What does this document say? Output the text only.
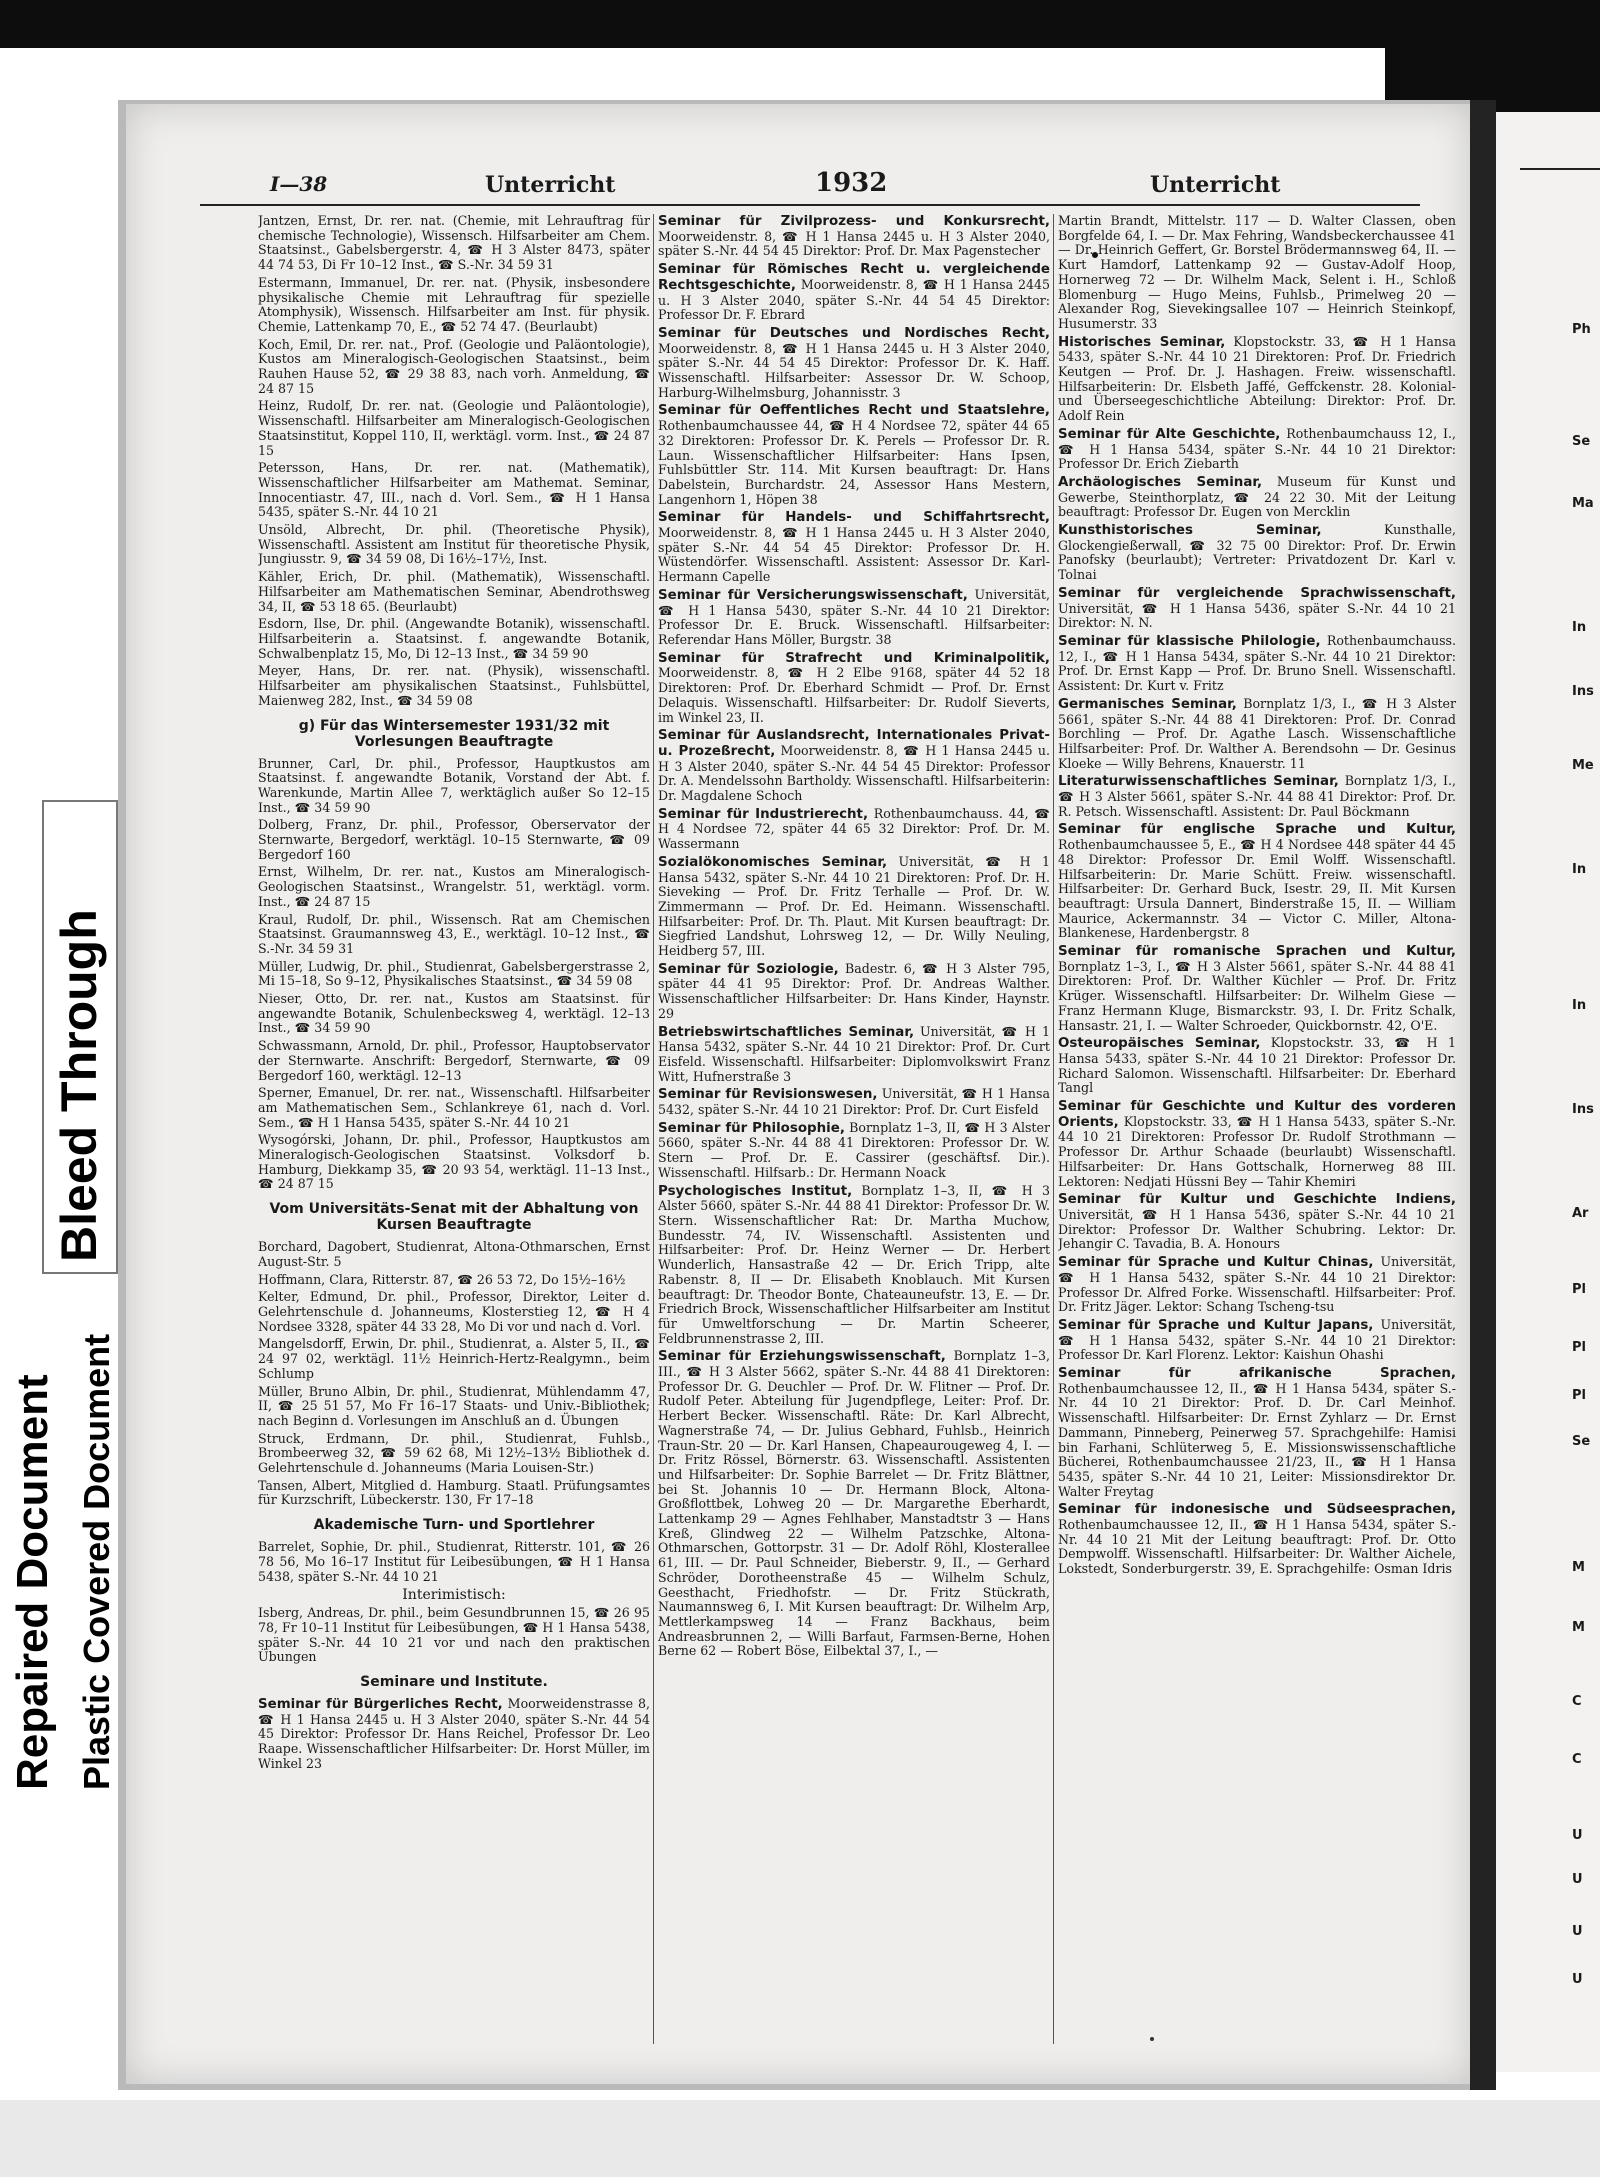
Ph
Se
Ma
In
Ins
Me
In
In
Ins
Ar
Pl
Pl
Pl
Se
M
M
C
C
U
U
U
U
Repaired Document Plastic Covered Document
Bleed Through
I—38	Unterricht	1932	Unterricht
Jantzen, Ernst, Dr. rer. nat. (Chemie, mit Lehrauftrag für chemische Technologie), Wissensch. Hilfsarbeiter am Chem. Staatsinst., Gabelsbergerstr. 4, ☎ H 3 Alster 8473, später 44 74 53, Di Fr 10–12 Inst., ☎ S.-Nr. 34 59 31
Estermann, Immanuel, Dr. rer. nat. (Physik, insbesondere physikalische Chemie mit Lehrauftrag für spezielle Atomphysik), Wissensch. Hilfsarbeiter am Inst. für physik. Chemie, Lattenkamp 70, E., ☎ 52 74 47. (Beurlaubt)
Koch, Emil, Dr. rer. nat., Prof. (Geologie und Paläontologie), Kustos am Mineralogisch-Geologischen Staatsinst., beim Rauhen Hause 52, ☎ 29 38 83, nach vorh. Anmeldung, ☎ 24 87 15
Heinz, Rudolf, Dr. rer. nat. (Geologie und Paläontologie), Wissenschaftl. Hilfsarbeiter am Mineralogisch-Geologischen Staatsinstitut, Koppel 110, II, werktägl. vorm. Inst., ☎ 24 87 15
Petersson, Hans, Dr. rer. nat. (Mathematik), Wissenschaftlicher Hilfsarbeiter am Mathemat. Seminar, Innocentiastr. 47, III., nach d. Vorl. Sem., ☎ H 1 Hansa 5435, später S.-Nr. 44 10 21
Unsöld, Albrecht, Dr. phil. (Theoretische Physik), Wissenschaftl. Assistent am Institut für theoretische Physik, Jungiusstr. 9, ☎ 34 59 08, Di 16½–17½, Inst.
Kähler, Erich, Dr. phil. (Mathematik), Wissenschaftl. Hilfsarbeiter am Mathematischen Seminar, Abendrothsweg 34, II, ☎ 53 18 65. (Beurlaubt)
Esdorn, Ilse, Dr. phil. (Angewandte Botanik), wissenschaftl. Hilfsarbeiterin a. Staatsinst. f. angewandte Botanik, Schwalbenplatz 15, Mo, Di 12–13 Inst., ☎ 34 59 90
Meyer, Hans, Dr. rer. nat. (Physik), wissenschaftl. Hilfsarbeiter am physikalischen Staatsinst., Fuhlsbüttel, Maienweg 282, Inst., ☎ 34 59 08
g) Für das Wintersemester 1931/32 mit Vorlesungen Beauftragte
Brunner, Carl, Dr. phil., Professor, Hauptkustos am Staatsinst. f. angewandte Botanik, Vorstand der Abt. f. Warenkunde, Martin Allee 7, werktäglich außer So 12–15 Inst., ☎ 34 59 90
Dolberg, Franz, Dr. phil., Professor, Oberservator der Sternwarte, Bergedorf, werktägl. 10–15 Sternwarte, ☎ 09 Bergedorf 160
Ernst, Wilhelm, Dr. rer. nat., Kustos am Mineralogisch-Geologischen Staatsinst., Wrangelstr. 51, werktägl. vorm. Inst., ☎ 24 87 15
Kraul, Rudolf, Dr. phil., Wissensch. Rat am Chemischen Staatsinst. Graumannsweg 43, E., werktägl. 10–12 Inst., ☎ S.-Nr. 34 59 31
Müller, Ludwig, Dr. phil., Studienrat, Gabelsbergerstrasse 2, Mi 15–18, So 9–12, Physikalisches Staatsinst., ☎ 34 59 08
Nieser, Otto, Dr. rer. nat., Kustos am Staatsinst. für angewandte Botanik, Schulenbecksweg 4, werktägl. 12–13 Inst., ☎ 34 59 90
Schwassmann, Arnold, Dr. phil., Professor, Hauptobservator der Sternwarte. Anschrift: Bergedorf, Sternwarte, ☎ 09 Bergedorf 160, werktägl. 12–13
Sperner, Emanuel, Dr. rer. nat., Wissenschaftl. Hilfsarbeiter am Mathematischen Sem., Schlankreye 61, nach d. Vorl. Sem., ☎ H 1 Hansa 5435, später S.-Nr. 44 10 21
Wysogórski, Johann, Dr. phil., Professor, Hauptkustos am Mineralogisch-Geologischen Staatsinst. Volksdorf b. Hamburg, Diekkamp 35, ☎ 20 93 54, werktägl. 11–13 Inst., ☎ 24 87 15
Vom Universitäts-Senat mit der Abhaltung von Kursen Beauftragte
Borchard, Dagobert, Studienrat, Altona-Othmarschen, Ernst August-Str. 5
Hoffmann, Clara, Ritterstr. 87, ☎ 26 53 72, Do 15½–16½
Kelter, Edmund, Dr. phil., Professor, Direktor, Leiter d. Gelehrtenschule d. Johanneums, Klosterstieg 12, ☎ H 4 Nordsee 3328, später 44 33 28, Mo Di vor und nach d. Vorl.
Mangelsdorff, Erwin, Dr. phil., Studienrat, a. Alster 5, II., ☎ 24 97 02, werktägl. 11½ Heinrich-Hertz-Realgymn., beim Schlump
Müller, Bruno Albin, Dr. phil., Studienrat, Mühlendamm 47, II, ☎ 25 51 57, Mo Fr 16–17 Staats- und Univ.-Bibliothek; nach Beginn d. Vorlesungen im Anschluß an d. Übungen
Struck, Erdmann, Dr. phil., Studienrat, Fuhlsb., Brombeerweg 32, ☎ 59 62 68, Mi 12½–13½ Bibliothek d. Gelehrtenschule d. Johanneums (Maria Louisen-Str.)
Tansen, Albert, Mitglied d. Hamburg. Staatl. Prüfungsamtes für Kurzschrift, Lübeckerstr. 130, Fr 17–18
Akademische Turn- und Sportlehrer
Barrelet, Sophie, Dr. phil., Studienrat, Ritterstr. 101, ☎ 26 78 56, Mo 16–17 Institut für Leibesübungen, ☎ H 1 Hansa 5438, später S.-Nr. 44 10 21
Interimistisch:
Isberg, Andreas, Dr. phil., beim Gesundbrunnen 15, ☎ 26 95 78, Fr 10–11 Institut für Leibesübungen, ☎ H 1 Hansa 5438, später S.-Nr. 44 10 21 vor und nach den praktischen Übungen
Seminare und Institute.
Seminar für Bürgerliches Recht, Moorweidenstrasse 8, ☎ H 1 Hansa 2445 u. H 3 Alster 2040, später S.-Nr. 44 54 45 Direktor: Professor Dr. Hans Reichel, Professor Dr. Leo Raape. Wissenschaftlicher Hilfsarbeiter: Dr. Horst Müller, im Winkel 23
Seminar für Zivilprozess- und Konkursrecht, Moorweidenstr. 8, ☎ H 1 Hansa 2445 u. H 3 Alster 2040, später S.-Nr. 44 54 45 Direktor: Prof. Dr. Max Pagenstecher
Seminar für Römisches Recht u. vergleichende Rechtsgeschichte, Moorweidenstr. 8, ☎ H 1 Hansa 2445 u. H 3 Alster 2040, später S.-Nr. 44 54 45 Direktor: Professor Dr. F. Ebrard
Seminar für Deutsches und Nordisches Recht, Moorweidenstr. 8, ☎ H 1 Hansa 2445 u. H 3 Alster 2040, später S.-Nr. 44 54 45 Direktor: Professor Dr. K. Haff. Wissenschaftl. Hilfsarbeiter: Assessor Dr. W. Schoop, Harburg-Wilhelmsburg, Johannisstr. 3
Seminar für Oeffentliches Recht und Staatslehre, Rothenbaumchaussee 44, ☎ H 4 Nordsee 72, später 44 65 32 Direktoren: Professor Dr. K. Perels — Professor Dr. R. Laun. Wissenschaftlicher Hilfsarbeiter: Hans Ipsen, Fuhlsbüttler Str. 114. Mit Kursen beauftragt: Dr. Hans Dabelstein, Burchardstr. 24, Assessor Hans Mestern, Langenhorn 1, Höpen 38
Seminar für Handels- und Schiffahrtsrecht, Moorweidenstr. 8, ☎ H 1 Hansa 2445 u. H 3 Alster 2040, später S.-Nr. 44 54 45 Direktor: Professor Dr. H. Wüstendörfer. Wissenschaftl. Assistent: Assessor Dr. Karl-Hermann Capelle
Seminar für Versicherungswissenschaft, Universität, ☎ H 1 Hansa 5430, später S.-Nr. 44 10 21 Direktor: Professor Dr. E. Bruck. Wissenschaftl. Hilfsarbeiter: Referendar Hans Möller, Burgstr. 38
Seminar für Strafrecht und Kriminalpolitik, Moorweidenstr. 8, ☎ H 2 Elbe 9168, später 44 52 18 Direktoren: Prof. Dr. Eberhard Schmidt — Prof. Dr. Ernst Delaquis. Wissenschaftl. Hilfsarbeiter: Dr. Rudolf Sieverts, im Winkel 23, II.
Seminar für Auslandsrecht, Internationales Privat- u. Prozeßrecht, Moorweidenstr. 8, ☎ H 1 Hansa 2445 u. H 3 Alster 2040, später S.-Nr. 44 54 45 Direktor: Professor Dr. A. Mendelssohn Bartholdy. Wissenschaftl. Hilfsarbeiterin: Dr. Magdalene Schoch
Seminar für Industrierecht, Rothenbaumchauss. 44, ☎ H 4 Nordsee 72, später 44 65 32 Direktor: Prof. Dr. M. Wassermann
Sozialökonomisches Seminar, Universität, ☎ H 1 Hansa 5432, später S.-Nr. 44 10 21 Direktoren: Prof. Dr. H. Sieveking — Prof. Dr. Fritz Terhalle — Prof. Dr. W. Zimmermann — Prof. Dr. Ed. Heimann. Wissenschaftl. Hilfsarbeiter: Prof. Dr. Th. Plaut. Mit Kursen beauftragt: Dr. Siegfried Landshut, Lohrsweg 12, — Dr. Willy Neuling, Heidberg 57, III.
Seminar für Soziologie, Badestr. 6, ☎ H 3 Alster 795, später 44 41 95 Direktor: Prof. Dr. Andreas Walther. Wissenschaftlicher Hilfsarbeiter: Dr. Hans Kinder, Haynstr. 29
Betriebswirtschaftliches Seminar, Universität, ☎ H 1 Hansa 5432, später S.-Nr. 44 10 21 Direktor: Prof. Dr. Curt Eisfeld. Wissenschaftl. Hilfsarbeiter: Diplomvolkswirt Franz Witt, Hufnerstraße 3
Seminar für Revisionswesen, Universität, ☎ H 1 Hansa 5432, später S.-Nr. 44 10 21 Direktor: Prof. Dr. Curt Eisfeld
Seminar für Philosophie, Bornplatz 1–3, II, ☎ H 3 Alster 5660, später S.-Nr. 44 88 41 Direktoren: Professor Dr. W. Stern — Prof. Dr. E. Cassirer (geschäftsf. Dir.). Wissenschaftl. Hilfsarb.: Dr. Hermann Noack
Psychologisches Institut, Bornplatz 1–3, II, ☎ H 3 Alster 5660, später S.-Nr. 44 88 41 Direktor: Professor Dr. W. Stern. Wissenschaftlicher Rat: Dr. Martha Muchow, Bundesstr. 74, IV. Wissenschaftl. Assistenten und Hilfsarbeiter: Prof. Dr. Heinz Werner — Dr. Herbert Wunderlich, Hansastraße 42 — Dr. Erich Tripp, alte Rabenstr. 8, II — Dr. Elisabeth Knoblauch. Mit Kursen beauftragt: Dr. Theodor Bonte, Chateauneufstr. 13, E. — Dr. Friedrich Brock, Wissenschaftlicher Hilfsarbeiter am Institut für Umweltforschung — Dr. Martin Scheerer, Feldbrunnenstrasse 2, III.
Seminar für Erziehungswissenschaft, Bornplatz 1–3, III., ☎ H 3 Alster 5662, später S.-Nr. 44 88 41 Direktoren: Professor Dr. G. Deuchler — Prof. Dr. W. Flitner — Prof. Dr. Rudolf Peter. Abteilung für Jugendpflege, Leiter: Prof. Dr. Herbert Becker. Wissenschaftl. Räte: Dr. Karl Albrecht, Wagnerstraße 74, — Dr. Julius Gebhard, Fuhlsb., Heinrich Traun-Str. 20 — Dr. Karl Hansen, Chapeaurougeweg 4, I. — Dr. Fritz Rössel, Börnerstr. 63. Wissenschaftl. Assistenten und Hilfsarbeiter: Dr. Sophie Barrelet — Dr. Fritz Blättner, bei St. Johannis 10 — Dr. Hermann Block, Altona-Großflottbek, Lohweg 20 — Dr. Margarethe Eberhardt, Lattenkamp 29 — Agnes Fehlhaber, Manstadtstr 3 — Hans Kreß, Glindweg 22 — Wilhelm Patzschke, Altona-Othmarschen, Gottorpstr. 31 — Dr. Adolf Röhl, Klosterallee 61, III. — Dr. Paul Schneider, Bieberstr. 9, II., — Gerhard Schröder, Dorotheenstraße 45 — Wilhelm Schulz, Geesthacht, Friedhofstr. — Dr. Fritz Stückrath, Naumannsweg 6, I. Mit Kursen beauftragt: Dr. Wilhelm Arp, Mettlerkampsweg 14 — Franz Backhaus, beim Andreasbrunnen 2, — Willi Barfaut, Farmsen-Berne, Hohen Berne 62 — Robert Böse, Eilbektal 37, I., —
Martin Brandt, Mittelstr. 117 — D. Walter Classen, oben Borgfelde 64, I. — Dr. Max Fehring, Wandsbeckerchaussee 41 — Dr. Heinrich Geffert, Gr. Borstel Brödermannsweg 64, II. — Kurt Hamdorf, Lattenkamp 92 — Gustav-Adolf Hoop, Hornerweg 72 — Dr. Wilhelm Mack, Selent i. H., Schloß Blomenburg — Hugo Meins, Fuhlsb., Primelweg 20 — Alexander Rog, Sievekingsallee 107 — Heinrich Steinkopf, Husumerstr. 33
Historisches Seminar, Klopstockstr. 33, ☎ H 1 Hansa 5433, später S.-Nr. 44 10 21 Direktoren: Prof. Dr. Friedrich Keutgen — Prof. Dr. J. Hashagen. Freiw. wissenschaftl. Hilfsarbeiterin: Dr. Elsbeth Jaffé, Geffckenstr. 28. Kolonial- und Überseegeschichtliche Abteilung: Direktor: Prof. Dr. Adolf Rein
Seminar für Alte Geschichte, Rothenbaumchauss 12, I., ☎ H 1 Hansa 5434, später S.-Nr. 44 10 21 Direktor: Professor Dr. Erich Ziebarth
Archäologisches Seminar, Museum für Kunst und Gewerbe, Steinthorplatz, ☎ 24 22 30. Mit der Leitung beauftragt: Professor Dr. Eugen von Mercklin
Kunsthistorisches Seminar,	Kunsthalle, Glockengießerwall, ☎ 32 75 00 Direktor: Prof. Dr. Erwin Panofsky (beurlaubt); Vertreter: Privatdozent Dr. Karl v. Tolnai
Seminar für vergleichende Sprachwissenschaft, Universität, ☎ H 1 Hansa 5436, später S.-Nr. 44 10 21 Direktor: N. N.
Seminar für klassische Philologie, Rothenbaumchauss. 12, I., ☎ H 1 Hansa 5434, später S.-Nr. 44 10 21 Direktor: Prof. Dr. Ernst Kapp — Prof. Dr. Bruno Snell. Wissenschaftl. Assistent: Dr. Kurt v. Fritz
Germanisches Seminar, Bornplatz 1/3, I., ☎ H 3 Alster 5661, später S.-Nr. 44 88 41 Direktoren: Prof. Dr. Conrad Borchling — Prof. Dr. Agathe Lasch. Wissenschaftliche Hilfsarbeiter: Prof. Dr. Walther A. Berendsohn — Dr. Gesinus Kloeke — Willy Behrens, Knauerstr. 11
Literaturwissenschaftliches Seminar, Bornplatz 1/3, I., ☎ H 3 Alster 5661, später S.-Nr. 44 88 41 Direktor: Prof. Dr. R. Petsch. Wissenschaftl. Assistent: Dr. Paul Böckmann
Seminar für englische Sprache und Kultur, Rothenbaumchaussee 5, E., ☎ H 4 Nordsee 448 später 44 45 48 Direktor: Professor Dr. Emil Wolff. Wissenschaftl. Hilfsarbeiterin: Dr. Marie Schütt. Freiw. wissenschaftl. Hilfsarbeiter: Dr. Gerhard Buck, Isestr. 29, II. Mit Kursen beauftragt: Ursula Dannert, Binderstraße 15, II. — William Maurice, Ackermannstr. 34 — Victor C. Miller, Altona-Blankenese, Hardenbergstr. 8
Seminar für romanische Sprachen und Kultur, Bornplatz 1–3, I., ☎ H 3 Alster 5661, später S.-Nr. 44 88 41 Direktoren: Prof. Dr. Walther Küchler — Prof. Dr. Fritz Krüger. Wissenschaftl. Hilfsarbeiter: Dr. Wilhelm Giese — Franz Hermann Kluge, Bismarckstr. 93, I. Dr. Fritz Schalk, Hansastr. 21, I. — Walter Schroeder, Quickbornstr. 42, O'E.
Osteuropäisches Seminar, Klopstockstr. 33, ☎ H 1 Hansa 5433, später S.-Nr. 44 10 21 Direktor: Professor Dr. Richard Salomon. Wissenschaftl. Hilfsarbeiter: Dr. Eberhard Tangl
Seminar für Geschichte und Kultur des vorderen Orients, Klopstockstr. 33, ☎ H 1 Hansa 5433, später S.-Nr. 44 10 21 Direktoren: Professor Dr. Rudolf Strothmann — Professor Dr. Arthur Schaade (beurlaubt) Wissenschaftl. Hilfsarbeiter: Dr. Hans Gottschalk, Hornerweg 88 III. Lektoren: Nedjati Hüssni Bey — Tahir Khemiri
Seminar für Kultur und Geschichte Indiens, Universität, ☎ H 1 Hansa 5436, später S.-Nr. 44 10 21 Direktor: Professor Dr. Walther Schubring. Lektor: Dr. Jehangir C. Tavadia, B. A. Honours
Seminar für Sprache und Kultur Chinas, Universität, ☎ H 1 Hansa 5432, später S.-Nr. 44 10 21 Direktor: Professor Dr. Alfred Forke. Wissenschaftl. Hilfsarbeiter: Prof. Dr. Fritz Jäger. Lektor: Schang Tscheng-tsu
Seminar für Sprache und Kultur Japans, Universität, ☎ H 1 Hansa 5432, später S.-Nr. 44 10 21 Direktor: Professor Dr. Karl Florenz. Lektor: Kaishun Ohashi
Seminar für afrikanische Sprachen, Rothenbaumchaussee 12, II., ☎ H 1 Hansa 5434, später S.-Nr. 44 10 21 Direktor: Prof. D. Dr. Carl Meinhof. Wissenschaftl. Hilfsarbeiter: Dr. Ernst Zyhlarz — Dr. Ernst Dammann, Pinneberg, Peinerweg 57. Sprachgehilfe: Hamisi bin Farhani, Schlüterweg 5, E. Missionswissenschaftliche Bücherei, Rothenbaumchaussee 21/23, II., ☎ H 1 Hansa 5435, später S.-Nr. 44 10 21, Leiter: Missionsdirektor Dr. Walter Freytag
Seminar für indonesische und Südseesprachen, Rothenbaumchaussee 12, II., ☎ H 1 Hansa 5434, später S.-Nr. 44 10 21 Mit der Leitung beauftragt: Prof. Dr. Otto Dempwolff. Wissenschaftl. Hilfsarbeiter: Dr. Walther Aichele, Lokstedt, Sonderburgerstr. 39, E. Sprachgehilfe: Osman Idris
